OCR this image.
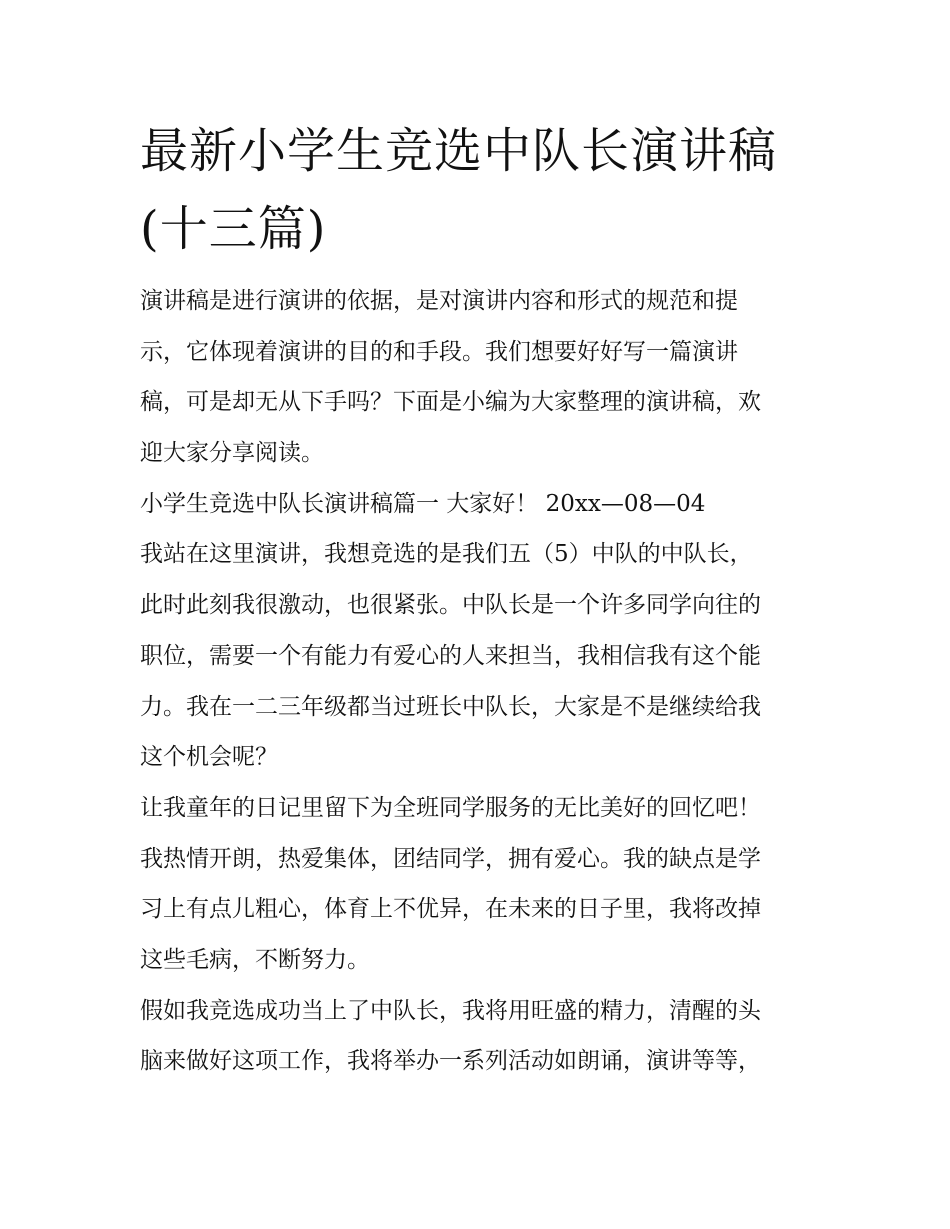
最新小学生竞选中队长演讲稿
(十三篇)
演讲稿是进行演讲的依据，是对演讲内容和形式的规范和提
示，它体现着演讲的目的和手段。我们想要好好写一篇演讲
稿，可是却无从下手吗？下面是小编为大家整理的演讲稿，欢
迎大家分享阅读。
小学生竞选中队长演讲稿篇一 大家好！ 20xx—08—04
我站在这里演讲，我想竞选的是我们五（5）中队的中队长，
此时此刻我很激动，也很紧张。中队长是一个许多同学向往的
职位，需要一个有能力有爱心的人来担当，我相信我有这个能
力。我在一二三年级都当过班长中队长，大家是不是继续给我
这个机会呢？
让我童年的日记里留下为全班同学服务的无比美好的回忆吧！
我热情开朗，热爱集体，团结同学，拥有爱心。我的缺点是学
习上有点儿粗心，体育上不优异，在未来的日子里，我将改掉
这些毛病，不断努力。
假如我竞选成功当上了中队长，我将用旺盛的精力，清醒的头
脑来做好这项工作，我将举办一系列活动如朗诵，演讲等等，
